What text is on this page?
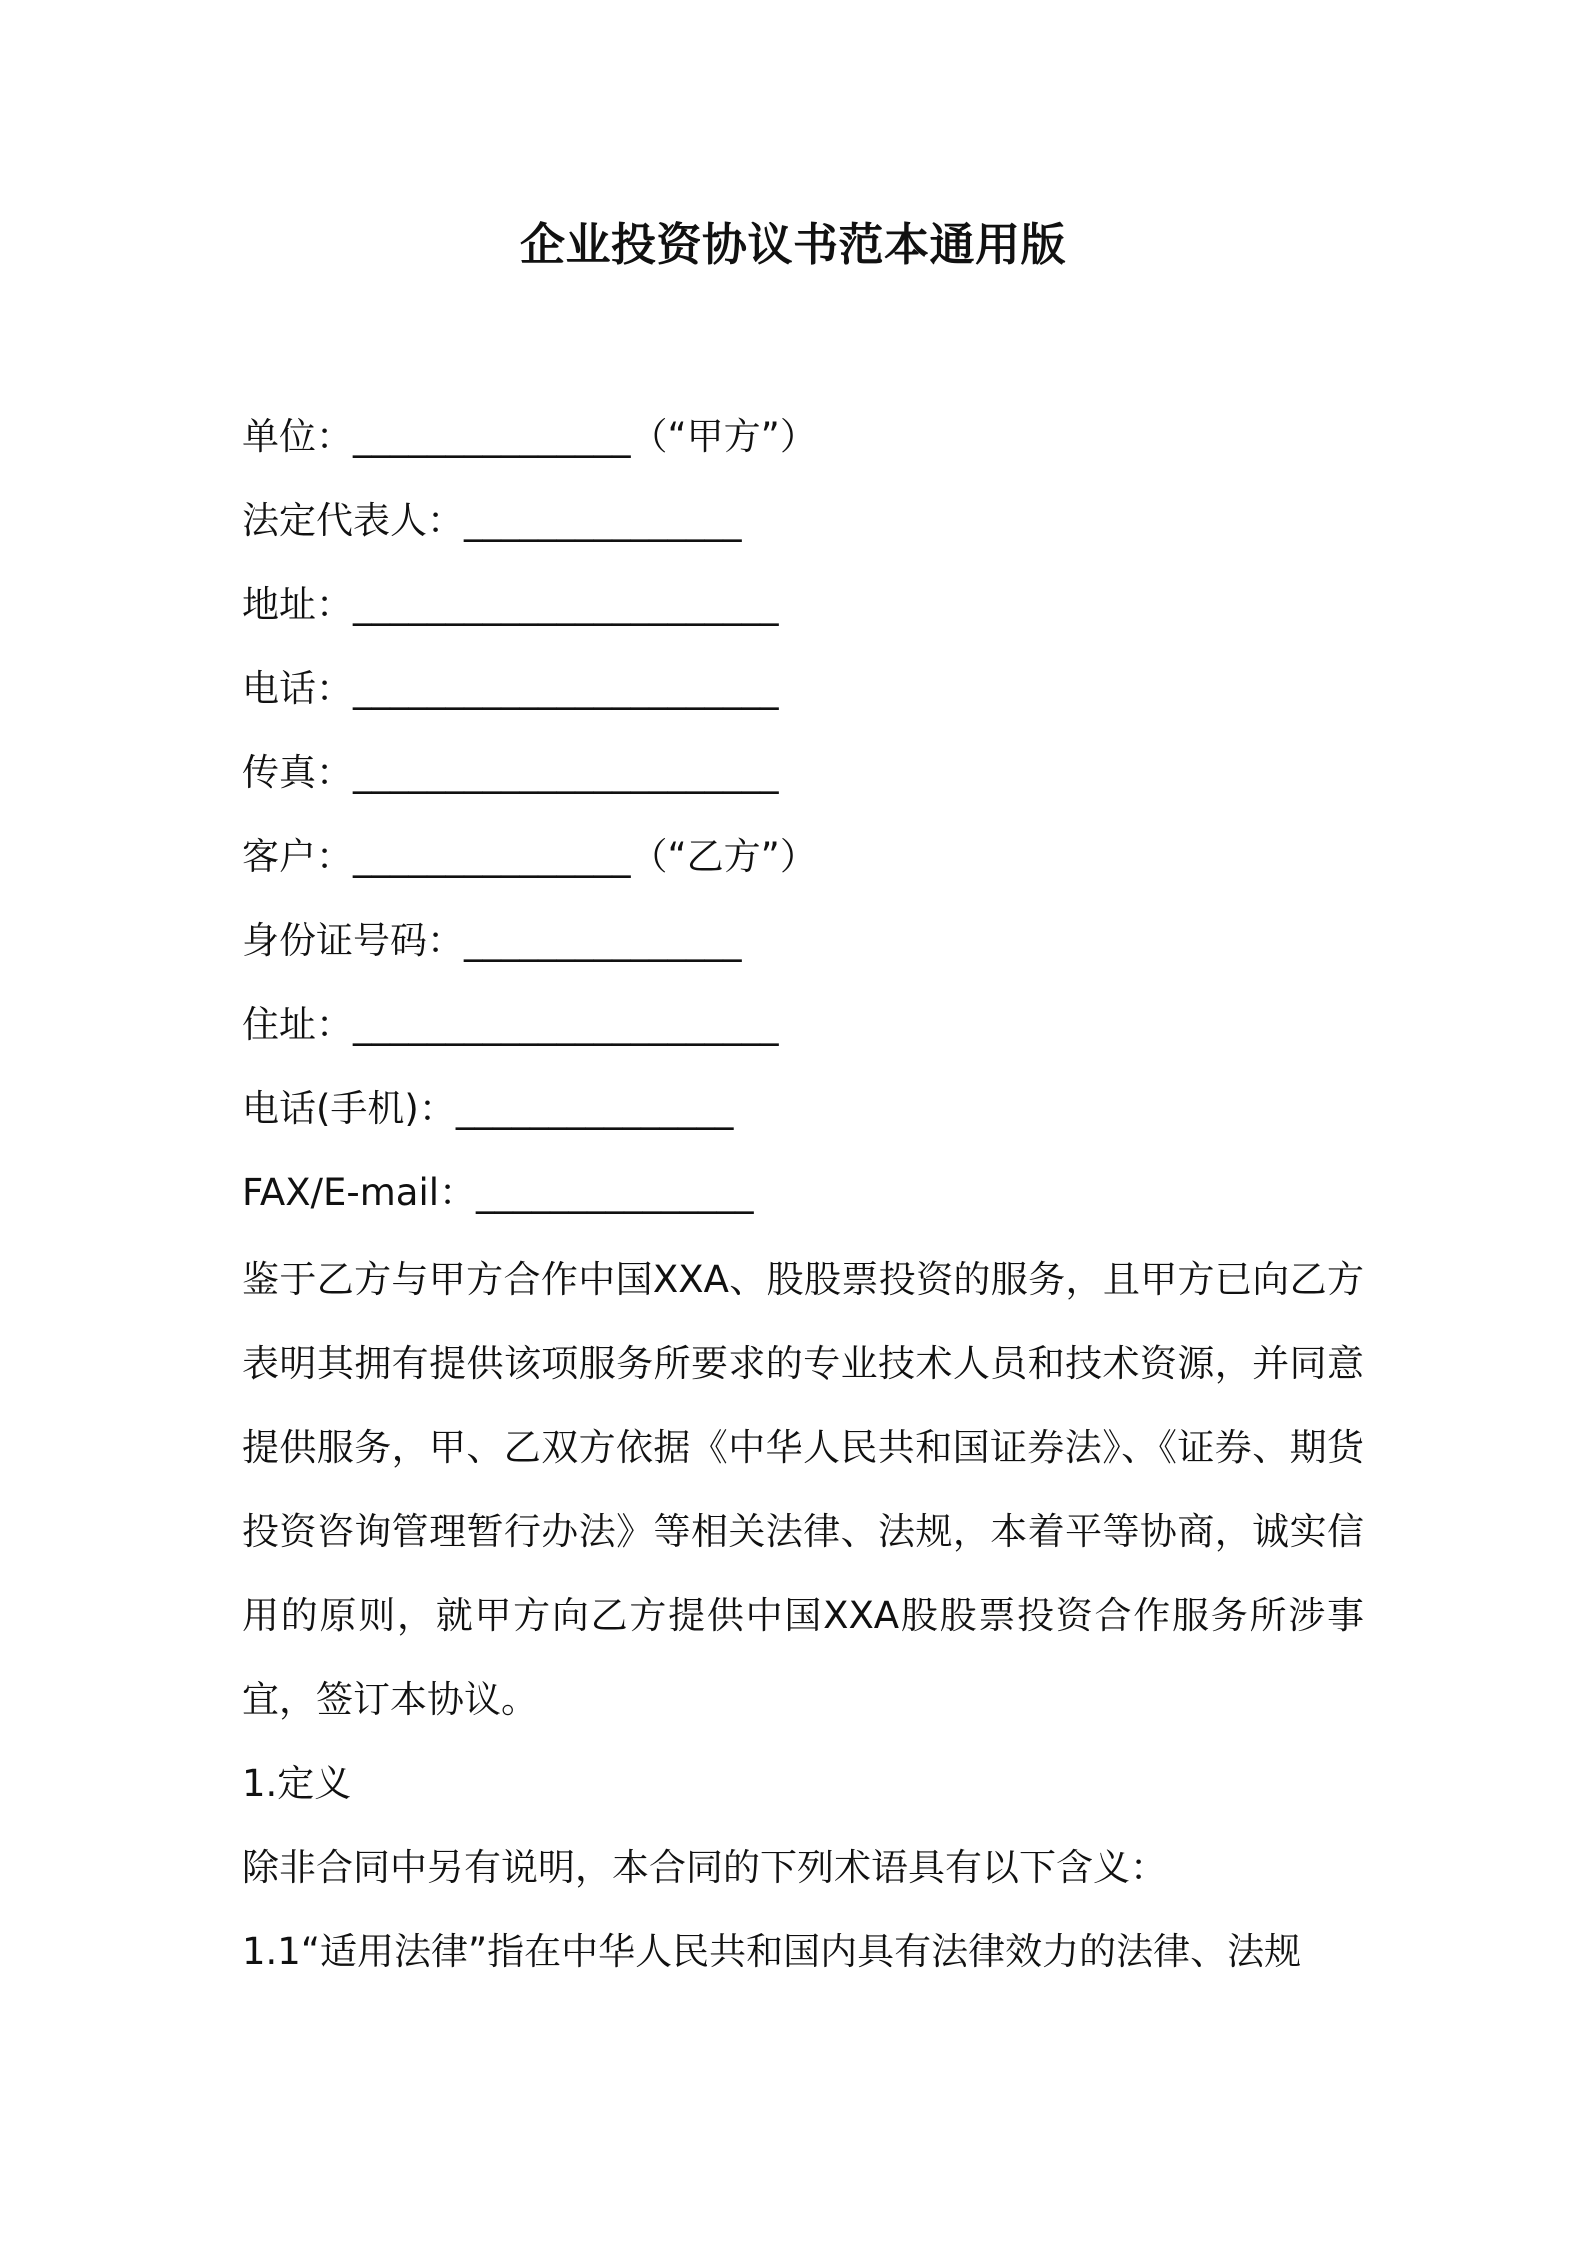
企业投资协议书范本通用版
单位：_______________（“甲方”）
法定代表人：_______________
地址：_______________________
电话：_______________________
传真：_______________________
客户：_______________（“乙方”）
身份证号码：_______________
住址：_______________________
电话(手机)：_______________
FAX/E-mail：_______________

鉴于乙方与甲方合作中国XXA、股股票投资的服务，且甲方已向乙方表明其拥有提供该项服务所要求的专业技术人员和技术资源，并同意提供服务，甲、乙双方依据《中华人民共和国证券法》、《证券、期货投资咨询管理暂行办法》等相关法律、法规，本着平等协商，诚实信用的原则，就甲方向乙方提供中国XXA股股票投资合作服务所涉事宜，签订本协议。

1.定义

除非合同中另有说明，本合同的下列术语具有以下含义：

1.1“适用法律”指在中华人民共和国内具有法律效力的法律、法规
